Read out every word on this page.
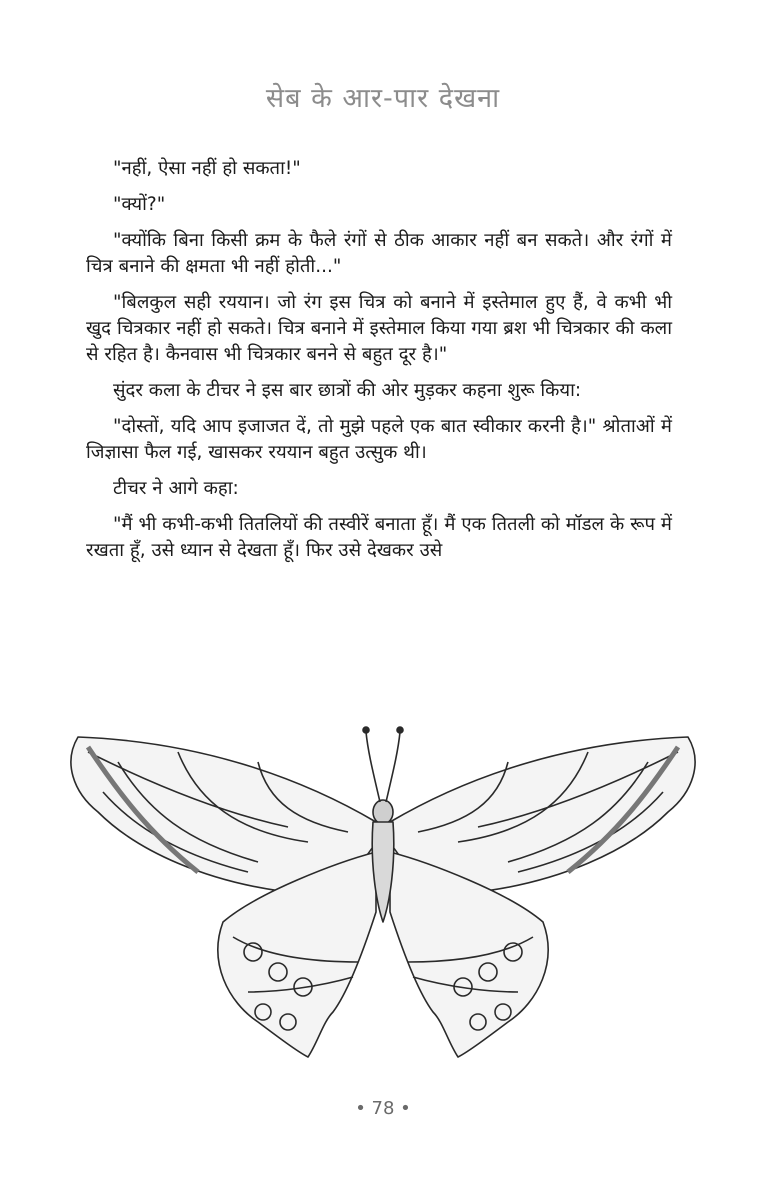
सेब के आर-पार देखना

"नहीं, ऐसा नहीं हो सकता!"

"क्यों?"

"क्योंकि बिना किसी क्रम के फैले रंगों से ठीक आकार नहीं बन सकते। और रंगों में चित्र बनाने की क्षमता भी नहीं होती..."

"बिलकुल सही रययान। जो रंग इस चित्र को बनाने में इस्तेमाल हुए हैं, वे कभी भी खुद चित्रकार नहीं हो सकते। चित्र बनाने में इस्तेमाल किया गया ब्रश भी चित्रकार की कला से रहित है। कैनवास भी चित्रकार बनने से बहुत दूर है।"

सुंदर कला के टीचर ने इस बार छात्रों की ओर मुड़कर कहना शुरू किया:

"दोस्तों, यदि आप इजाजत दें, तो मुझे पहले एक बात स्वीकार करनी है।" श्रोताओं में जिज्ञासा फैल गई, खासकर रययान बहुत उत्सुक थी।

टीचर ने आगे कहा:

"मैं भी कभी-कभी तितलियों की तस्वीरें बनाता हूँ। मैं एक तितली को मॉडल के रूप में रखता हूँ, उसे ध्यान से देखता हूँ। फिर उसे देखकर उसे

• 78 •
